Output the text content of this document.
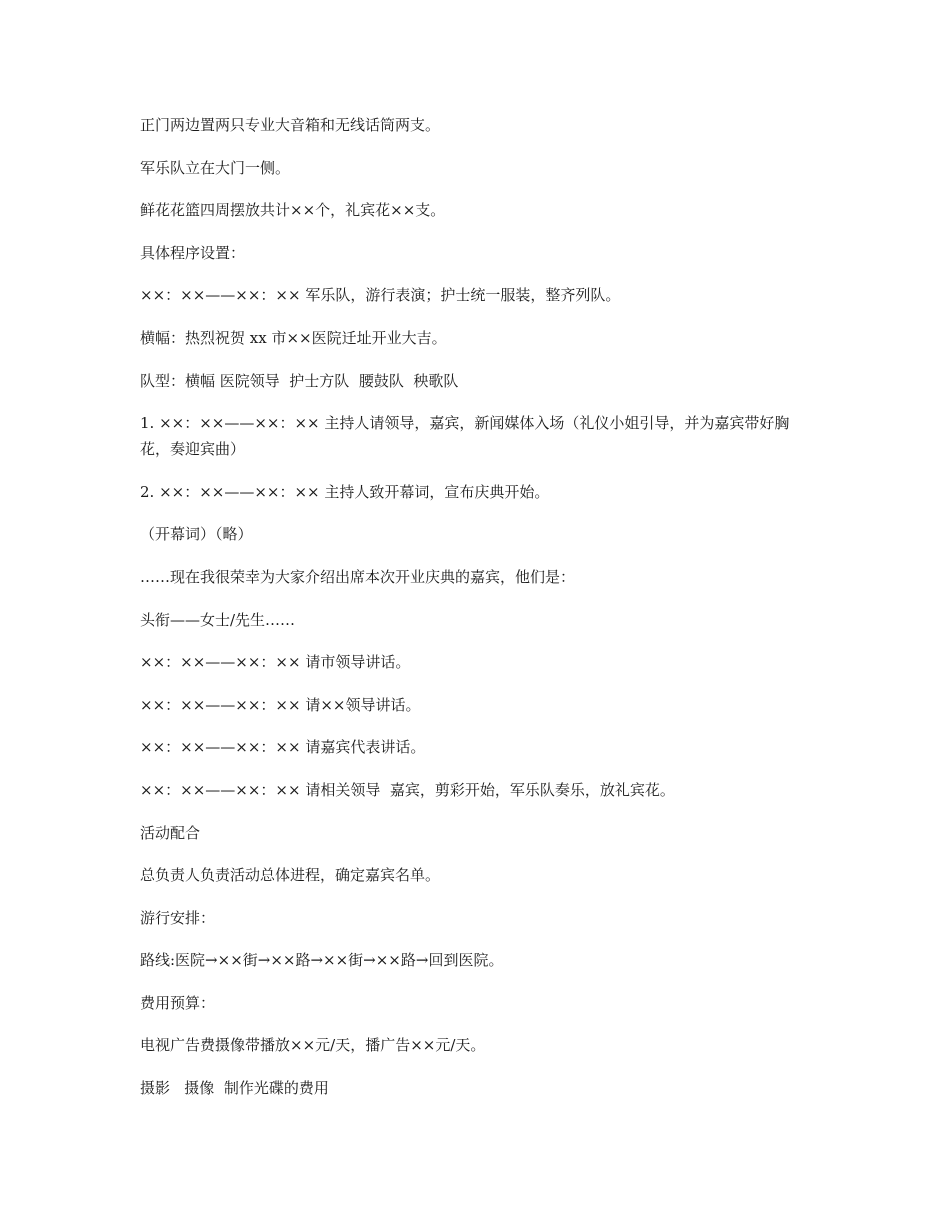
正门两边置两只专业大音箱和无线话筒两支。

军乐队立在大门一侧。

鲜花花篮四周摆放共计××个，礼宾花××支。

具体程序设置：

××：××——××：×× 军乐队，游行表演；护士统一服装，整齐列队。

横幅：热烈祝贺 xx 市××医院迁址开业大吉。

队型：横幅 医院领导  护士方队  腰鼓队  秧歌队

1. ××：××——××：×× 主持人请领导，嘉宾，新闻媒体入场（礼仪小姐引导，并为嘉宾带好胸花，奏迎宾曲）

2. ××：××——××：×× 主持人致开幕词，宣布庆典开始。

（开幕词）（略）

……现在我很荣幸为大家介绍出席本次开业庆典的嘉宾，他们是：

头衔——女士/先生……

××：××——××：×× 请市领导讲话。

××：××——××：×× 请××领导讲话。

××：××——××：×× 请嘉宾代表讲话。

××：××——××：×× 请相关领导  嘉宾，剪彩开始，军乐队奏乐，放礼宾花。

活动配合

总负责人负责活动总体进程，确定嘉宾名单。

游行安排：

路线:医院→××街→××路→××街→××路→回到医院。

费用预算：

电视广告费摄像带播放××元/天，播广告××元/天。

摄影   摄像  制作光碟的费用
